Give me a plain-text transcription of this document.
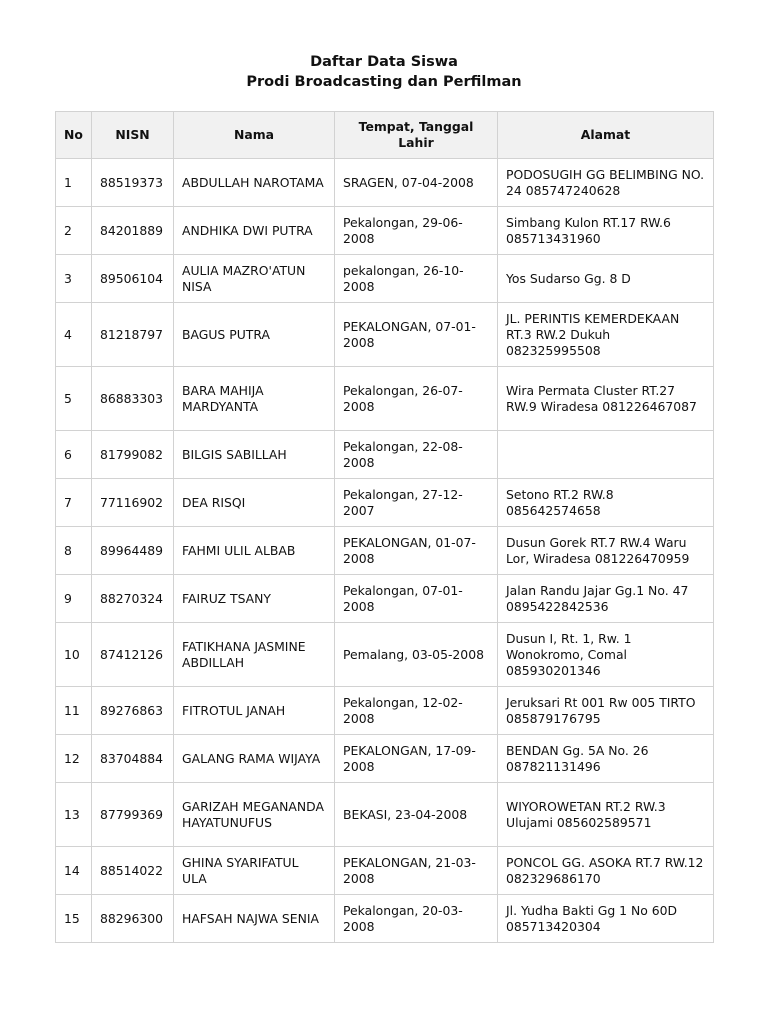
Daftar Data Siswa
Prodi Broadcasting dan Perfilman
No	NISN	Nama	Tempat, Tanggal Lahir	Alamat
1	88519373	ABDULLAH NAROTAMA	SRAGEN, 07-04-2008	PODOSUGIH GG BELIMBING NO. 24 085747240628
2	84201889	ANDHIKA DWI PUTRA	Pekalongan, 29-06-2008	Simbang Kulon RT.17 RW.6 085713431960
3	89506104	AULIA MAZRO'ATUN NISA	pekalongan, 26-10-2008	Yos Sudarso Gg. 8 D
4	81218797	BAGUS PUTRA	PEKALONGAN, 07-01-2008	JL. PERINTIS KEMERDEKAAN RT.3 RW.2 Dukuh 082325995508
5	86883303	BARA MAHIJA MARDYANTA	Pekalongan, 26-07-2008	Wira Permata Cluster RT.27 RW.9 Wiradesa 081226467087
6	81799082	BILGIS SABILLAH	Pekalongan, 22-08-2008	
7	77116902	DEA RISQI	Pekalongan, 27-12-2007	Setono RT.2 RW.8 085642574658
8	89964489	FAHMI ULIL ALBAB	PEKALONGAN, 01-07-2008	Dusun Gorek RT.7 RW.4 Waru Lor, Wiradesa 081226470959
9	88270324	FAIRUZ TSANY	Pekalongan, 07-01-2008	Jalan Randu Jajar Gg.1 No. 47 0895422842536
10	87412126	FATIKHANA JASMINE ABDILLAH	Pemalang, 03-05-2008	Dusun I, Rt. 1, Rw. 1 Wonokromo, Comal 085930201346
11	89276863	FITROTUL JANAH	Pekalongan, 12-02-2008	Jeruksari Rt 001 Rw 005 TIRTO 085879176795
12	83704884	GALANG RAMA WIJAYA	PEKALONGAN, 17-09-2008	BENDAN Gg. 5A No. 26 087821131496
13	87799369	GARIZAH MEGANANDA HAYATUNUFUS	BEKASI, 23-04-2008	WIYOROWETAN RT.2 RW.3 Ulujami 085602589571
14	88514022	GHINA SYARIFATUL ULA	PEKALONGAN, 21-03-2008	PONCOL GG. ASOKA RT.7 RW.12 082329686170
15	88296300	HAFSAH NAJWA SENIA	Pekalongan, 20-03-2008	Jl. Yudha Bakti Gg 1 No 60D 085713420304
